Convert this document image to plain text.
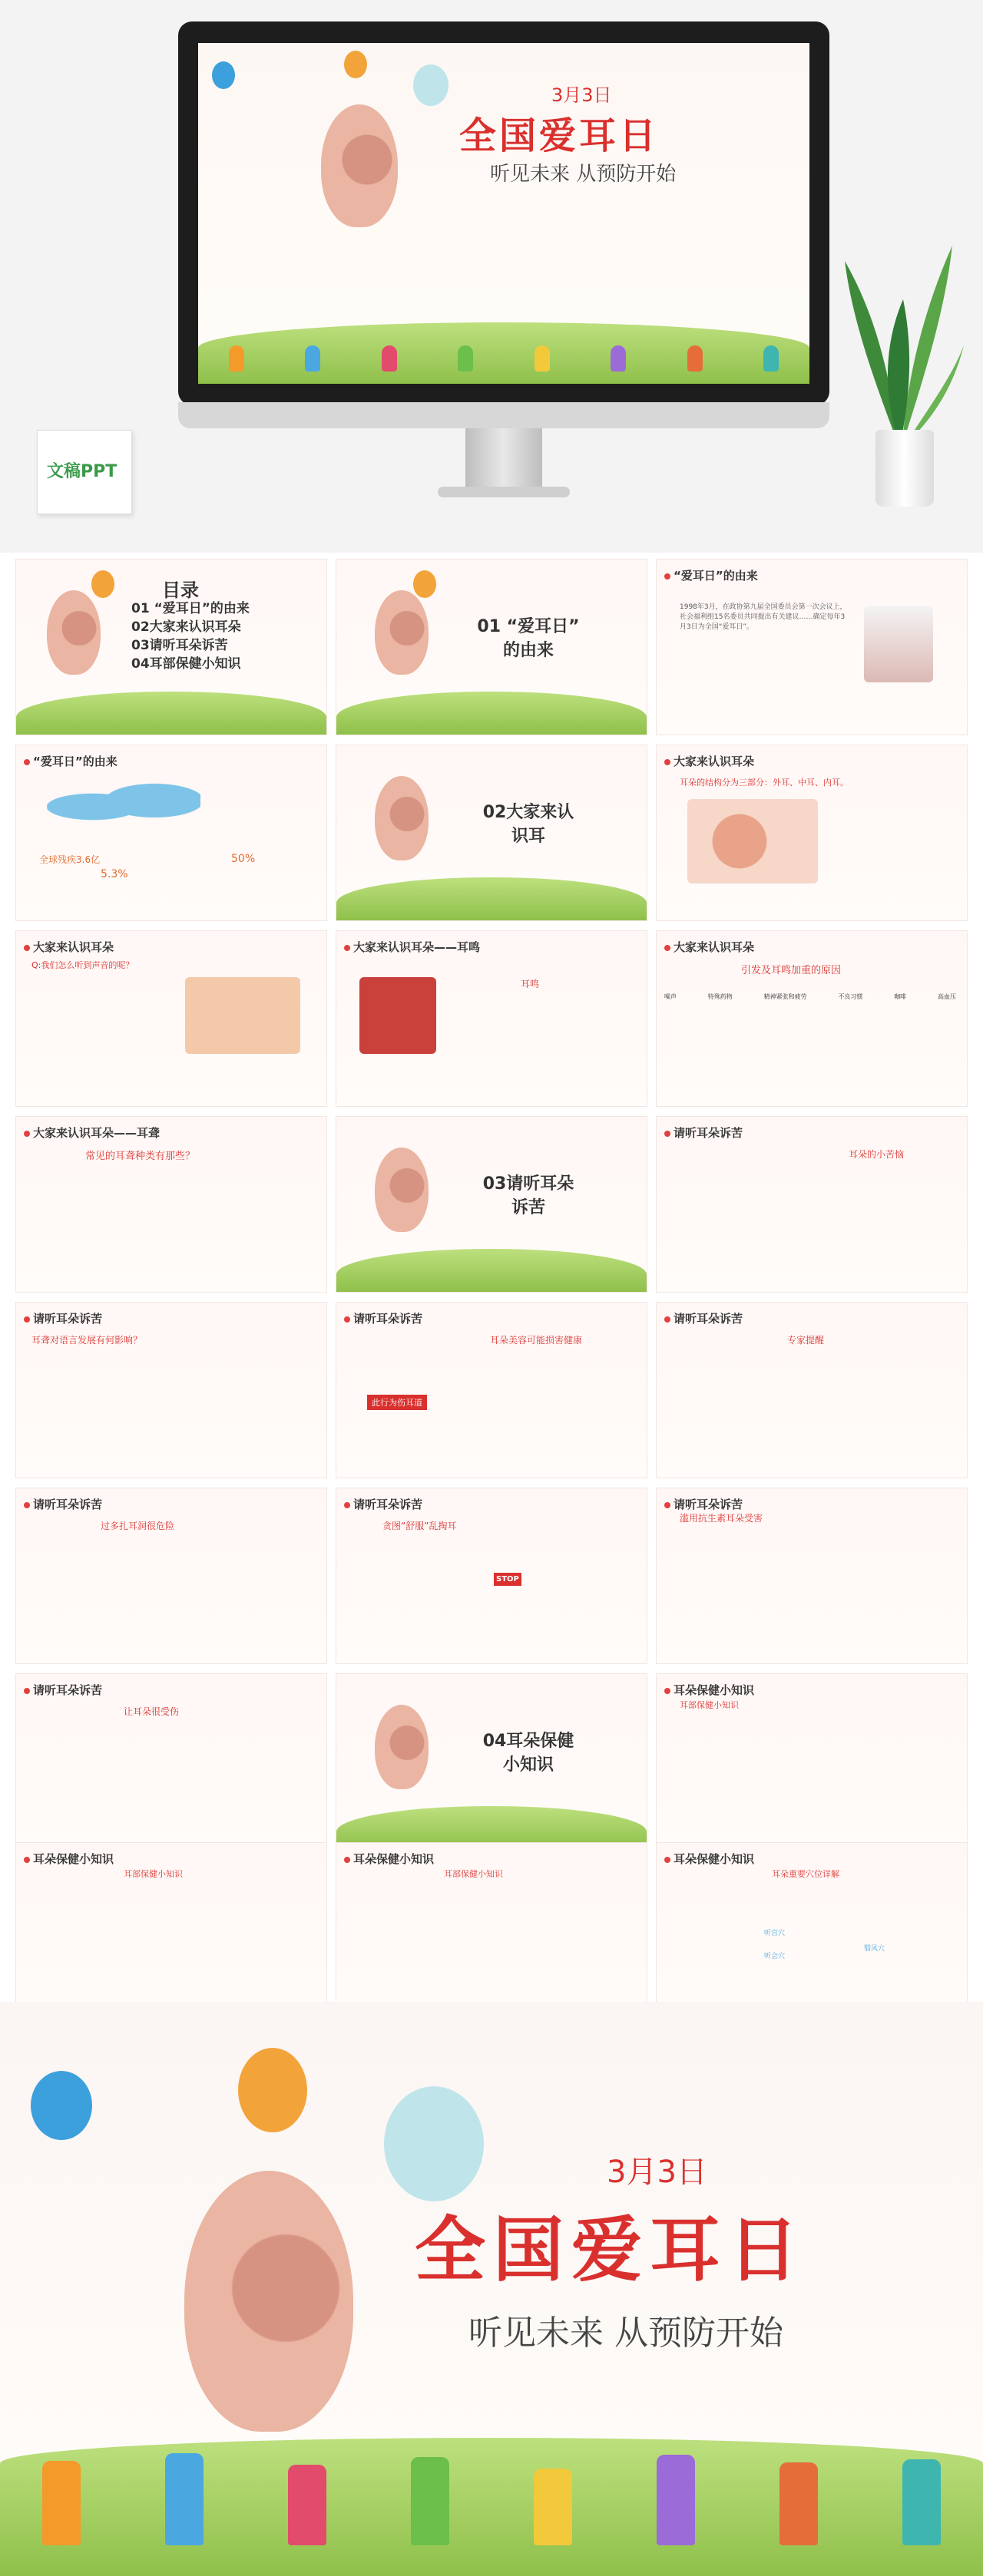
3月3日
全国爱耳日
听见未来 从预防开始
文稿PPT
目录
01 “爱耳日”的由来
02大家来认识耳朵
03请听耳朵诉苦
04耳部保健小知识
01 “爱耳日”
的由来
“爱耳日”的由来
1998年3月，在政协第九届全国委员会第一次会议上，社会福利组15名委员共同提出有关建议……确定每年3月3日为全国“爱耳日”。
“爱耳日”的由来
全球残疾3.6亿
5.3%
50%
02大家来认
识耳
大家来认识耳朵
耳朵的结构分为三部分：外耳、中耳、内耳。
大家来认识耳朵
Q:我们怎么听到声音的呢？
大家来认识耳朵——耳鸣
耳鸣
大家来认识耳朵
引发及耳鸣加重的原因
噪声	特殊药物	精神紧张和疲劳	不良习惯	咖啡	高血压
大家来认识耳朵——耳聋
常见的耳聋种类有那些？
03请听耳朵
诉苦
请听耳朵诉苦
耳朵的小苦恼
请听耳朵诉苦
耳聋对语言发展有何影响？
请听耳朵诉苦
耳朵美容可能损害健康
此行为伤耳道
请听耳朵诉苦
专家提醒
请听耳朵诉苦
过多扎耳洞很危险
请听耳朵诉苦
贪图“舒服”乱掏耳
STOP
请听耳朵诉苦
滥用抗生素耳朵受害
请听耳朵诉苦
让耳朵很受伤
04耳朵保健
小知识
耳朵保健小知识
耳部保健小知识
耳朵保健小知识
耳部保健小知识
耳朵保健小知识
耳部保健小知识
耳朵保健小知识
耳朵重要穴位详解
听宫穴
听会穴
翳风穴
3月3日
全国爱耳日
听见未来 从预防开始
